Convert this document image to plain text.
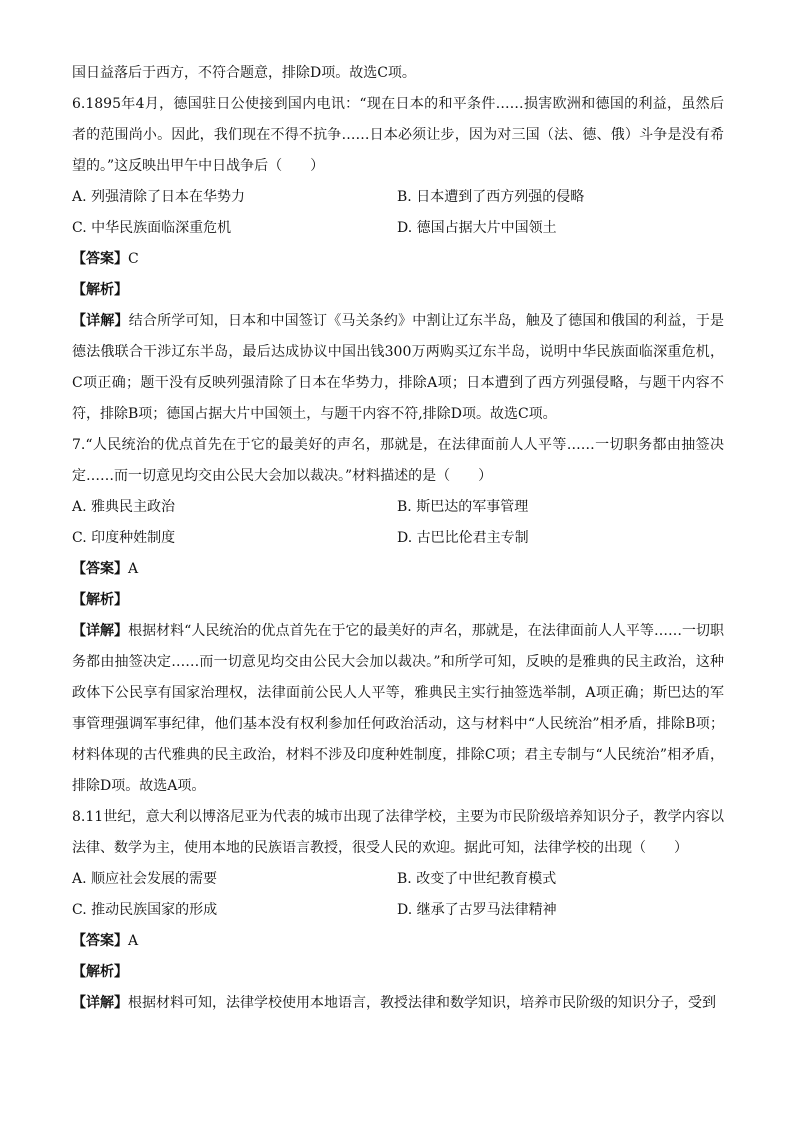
国日益落后于西方，不符合题意，排除D项。故选C项。

6.1895年4月，德国驻日公使接到国内电讯：“现在日本的和平条件……损害欧洲和德国的利益，虽然后者的范围尚小。因此，我们现在不得不抗争……日本必须让步，因为对三国（法、德、俄）斗争是没有希望的。”这反映出甲午中日战争后（　　）

A. 列强清除了日本在华势力	B. 日本遭到了西方列强的侵略
C. 中华民族面临深重危机	D. 德国占据大片中国领土

【答案】C

【解析】

【详解】结合所学可知，日本和中国签订《马关条约》中割让辽东半岛，触及了德国和俄国的利益，于是德法俄联合干涉辽东半岛，最后达成协议中国出钱300万两购买辽东半岛，说明中华民族面临深重危机，C项正确；题干没有反映列强清除了日本在华势力，排除A项；日本遭到了西方列强侵略，与题干内容不符，排除B项；德国占据大片中国领土，与题干内容不符,排除D项。故选C项。

7.“人民统治的优点首先在于它的最美好的声名，那就是，在法律面前人人平等……一切职务都由抽签决定……而一切意见均交由公民大会加以裁决。”材料描述的是（　　）

A. 雅典民主政治	B. 斯巴达的军事管理
C. 印度种姓制度	D. 古巴比伦君主专制

【答案】A

【解析】

【详解】根据材料“人民统治的优点首先在于它的最美好的声名，那就是，在法律面前人人平等……一切职务都由抽签决定……而一切意见均交由公民大会加以裁决。”和所学可知，反映的是雅典的民主政治，这种政体下公民享有国家治理权，法律面前公民人人平等，雅典民主实行抽签选举制，A项正确；斯巴达的军事管理强调军事纪律，他们基本没有权利参加任何政治活动，这与材料中“人民统治”相矛盾，排除B项；材料体现的古代雅典的民主政治，材料不涉及印度种姓制度，排除C项；君主专制与“人民统治”相矛盾，排除D项。故选A项。

8.11世纪，意大利以博洛尼亚为代表的城市出现了法律学校，主要为市民阶级培养知识分子，教学内容以法律、数学为主，使用本地的民族语言教授，很受人民的欢迎。据此可知，法律学校的出现（　　）

A. 顺应社会发展的需要	B. 改变了中世纪教育模式
C. 推动民族国家的形成	D. 继承了古罗马法律精神

【答案】A

【解析】

【详解】根据材料可知，法律学校使用本地语言，教授法律和数学知识，培养市民阶级的知识分子，受到
